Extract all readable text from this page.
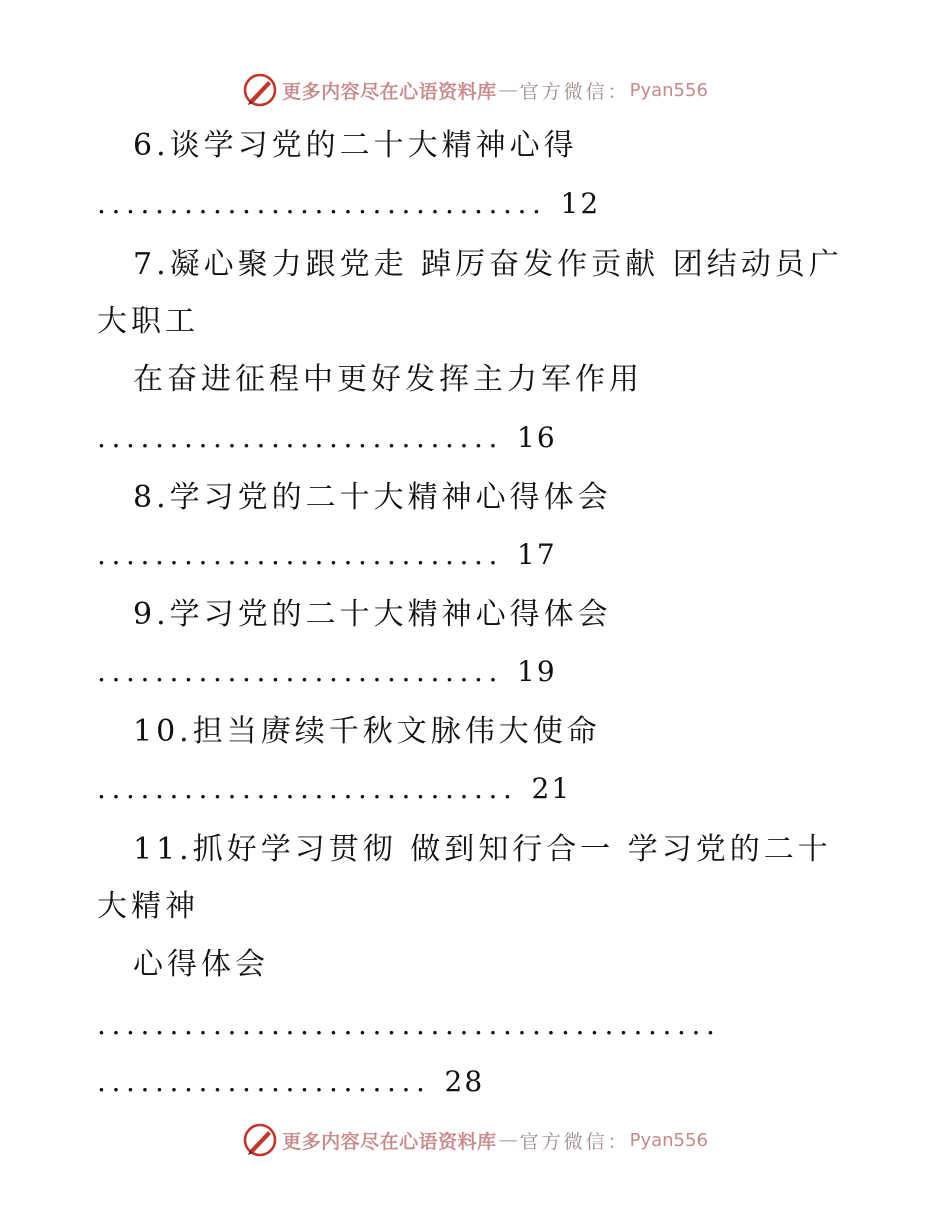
更多内容尽在心语资料库 — 官方微信： Pyan556
6.谈学习党的二十大精神心得
............................... 12
7.凝心聚力跟党走 踔厉奋发作贡献 团结动员广
大职工
在奋进征程中更好发挥主力军作用
............................ 16
8.学习党的二十大精神心得体会
............................ 17
9.学习党的二十大精神心得体会
............................ 19
10.担当赓续千秋文脉伟大使命
............................. 21
11.抓好学习贯彻 做到知行合一 学习党的二十
大精神
心得体会
...........................................
....................... 28
更多内容尽在心语资料库 — 官方微信： Pyan556
